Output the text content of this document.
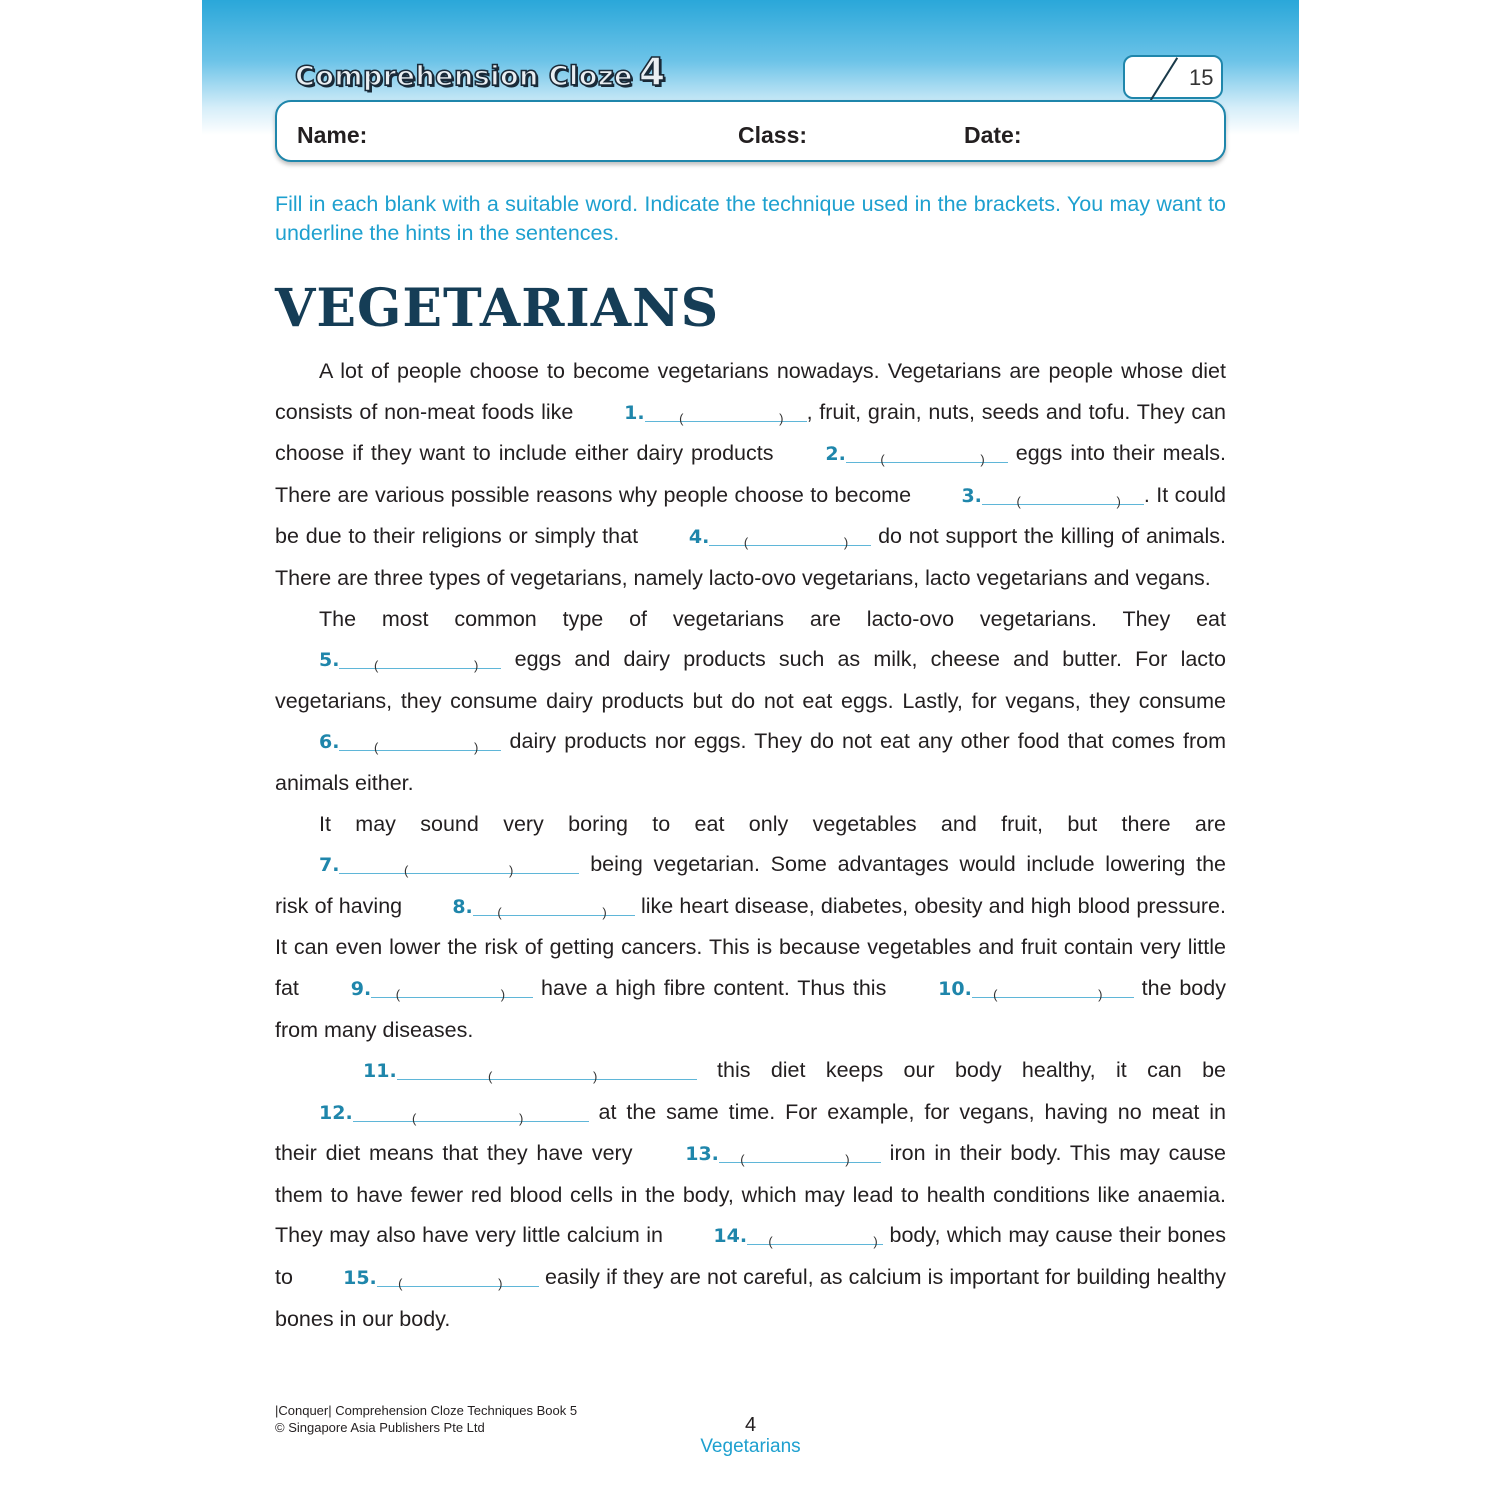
Comprehension Cloze 4	15
Name:	Class:	Date:
Fill in each blank with a suitable word. Indicate the technique used in the brackets. You may want to underline the hints in the sentences.
VEGETARIANS

A lot of people choose to become vegetarians nowadays. Vegetarians are people whose diet consists of non-meat foods like 1.	(	) , fruit, grain, nuts, seeds and tofu. They can choose if they want to include either dairy products 2.	(	) eggs into their meals. There are various possible reasons why people choose to become 3.	(	) . It could be due to their religions or simply that 4.	(	) do not support the killing of animals. There are three types of vegetarians, namely lacto-ovo vegetarians, lacto vegetarians and vegans.

The most common type of vegetarians are lacto-ovo vegetarians. They eat 5.	(	) eggs and dairy products such as milk, cheese and butter. For lacto vegetarians, they consume dairy products but do not eat eggs. Lastly, for vegans, they consume 6.	(	) dairy products nor eggs. They do not eat any other food that comes from animals either.

It may sound very boring to eat only vegetables and fruit, but there are 7.	(	)	being vegetarian. Some advantages would include lowering the risk of having 8.	(	) like heart disease, diabetes, obesity and high blood pressure. It can even lower the risk of getting cancers. This is because vegetables and fruit contain very little fat 9.	(	) have a high fibre content. Thus this 10.	(	) the body from many diseases.

11.	(	)	this diet keeps our body healthy, it can be 12.	(	)	at the same time. For example, for vegans, having no meat in their diet means that they have very 13.	(	) iron in their body. This may cause them to have fewer red blood cells in the body, which may lead to health conditions like anaemia. They may also have very little calcium in 14.	(	) body, which may cause their bones to 15.	(	) easily if they are not careful, as calcium is important for building healthy bones in our body.

|Conquer| Comprehension Cloze Techniques Book 5
© Singapore Asia Publishers Pte Ltd	4
Vegetarians
